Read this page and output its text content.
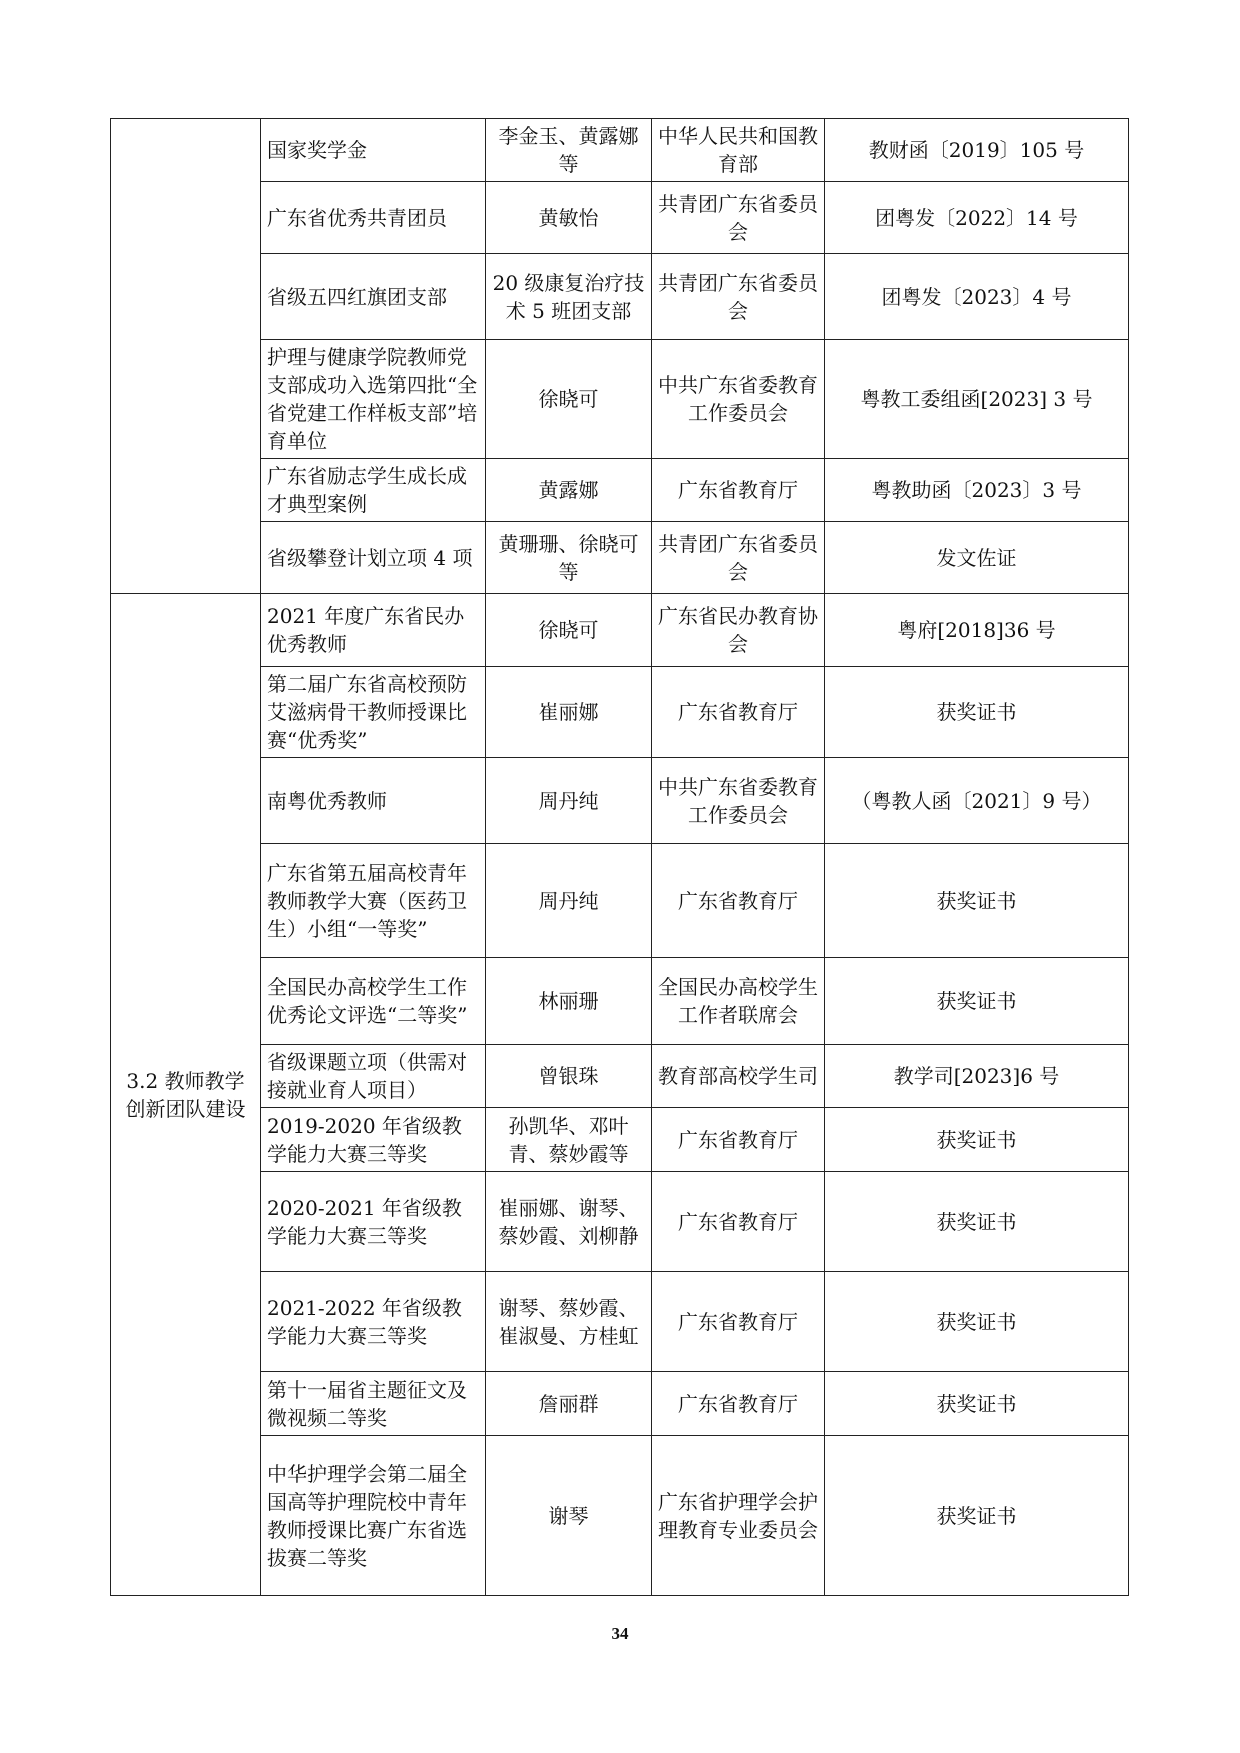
	国家奖学金	李金玉、黄露娜等	中华人民共和国教育部	教财函〔2019〕105 号
	广东省优秀共青团员	黄敏怡	共青团广东省委员会	团粤发〔2022〕14 号
	省级五四红旗团支部	20 级康复治疗技术 5 班团支部	共青团广东省委员会	团粤发〔2023〕4 号
	护理与健康学院教师党支部成功入选第四批“全省党建工作样板支部”培育单位	徐晓可	中共广东省委教育工作委员会	粤教工委组函[2023] 3 号
	广东省励志学生成长成才典型案例	黄露娜	广东省教育厅	粤教助函〔2023〕3 号
	省级攀登计划立项 4 项	黄珊珊、徐晓可等	共青团广东省委员会	发文佐证
3.2 教师教学创新团队建设	2021 年度广东省民办优秀教师	徐晓可	广东省民办教育协会	粤府[2018]36 号
	第二届广东省高校预防艾滋病骨干教师授课比赛“优秀奖”	崔丽娜	广东省教育厅	获奖证书
	南粤优秀教师	周丹纯	中共广东省委教育工作委员会	（粤教人函〔2021〕9 号）
	广东省第五届高校青年教师教学大赛（医药卫生）小组“一等奖”	周丹纯	广东省教育厅	获奖证书
	全国民办高校学生工作优秀论文评选“二等奖”	林丽珊	全国民办高校学生工作者联席会	获奖证书
	省级课题立项（供需对接就业育人项目）	曾银珠	教育部高校学生司	教学司[2023]6 号
	2019-2020 年省级教学能力大赛三等奖	孙凯华、邓叶青、蔡妙霞等	广东省教育厅	获奖证书
	2020-2021 年省级教学能力大赛三等奖	崔丽娜、谢琴、蔡妙霞、刘柳静	广东省教育厅	获奖证书
	2021-2022 年省级教学能力大赛三等奖	谢琴、蔡妙霞、崔淑曼、方桂虹	广东省教育厅	获奖证书
	第十一届省主题征文及微视频二等奖	詹丽群	广东省教育厅	获奖证书
	中华护理学会第二届全国高等护理院校中青年教师授课比赛广东省选拔赛二等奖	谢琴	广东省护理学会护理教育专业委员会	获奖证书
34
